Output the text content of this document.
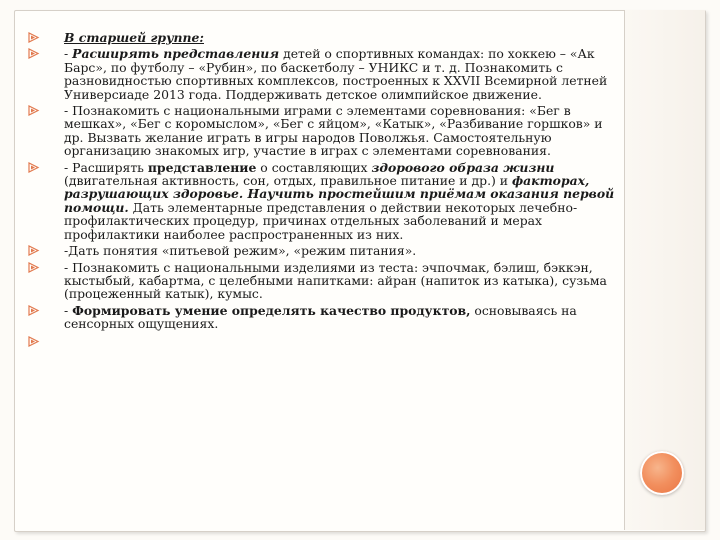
В старшей группе:
- Расширять представления детей о спортивных командах: по хоккею – «Ак Барс», по футболу – «Рубин», по баскетболу – УНИКС и т. д. Познакомить с разновидностью спортивных комплексов, построенных к XXVII Всемирной летней Универсиаде 2013 года. Поддерживать детское олимпийское движение.
- Познакомить с национальными играми с элементами соревнования: «Бег в мешках», «Бег с коромыслом», «Бег с яйцом», «Катык», «Разбивание горшков» и др. Вызвать желание играть в игры народов Поволжья. Самостоятельную организацию знакомых игр, участие в играх с элементами соревнования.
- Расширять представление о составляющих здорового образа жизни (двигательная активность, сон, отдых, правильное питание и др.) и факторах, разрушающих здоровье. Научить простейшим приёмам оказания первой помощи. Дать элементарные представления о действии некоторых лечебно-профилактических процедур, причинах отдельных заболеваний и мерах профилактики наиболее распространенных из них.
-Дать понятия «питьевой режим», «режим питания».
- Познакомить с национальными изделиями из теста: эчпочмак, бэлиш, бэккэн, кыстыбый, кабартма, с целебными напитками: айран (напиток из катыка), сузьма (процеженный катык), кумыс.
- Формировать умение определять качество продуктов, основываясь на сенсорных ощущениях.
